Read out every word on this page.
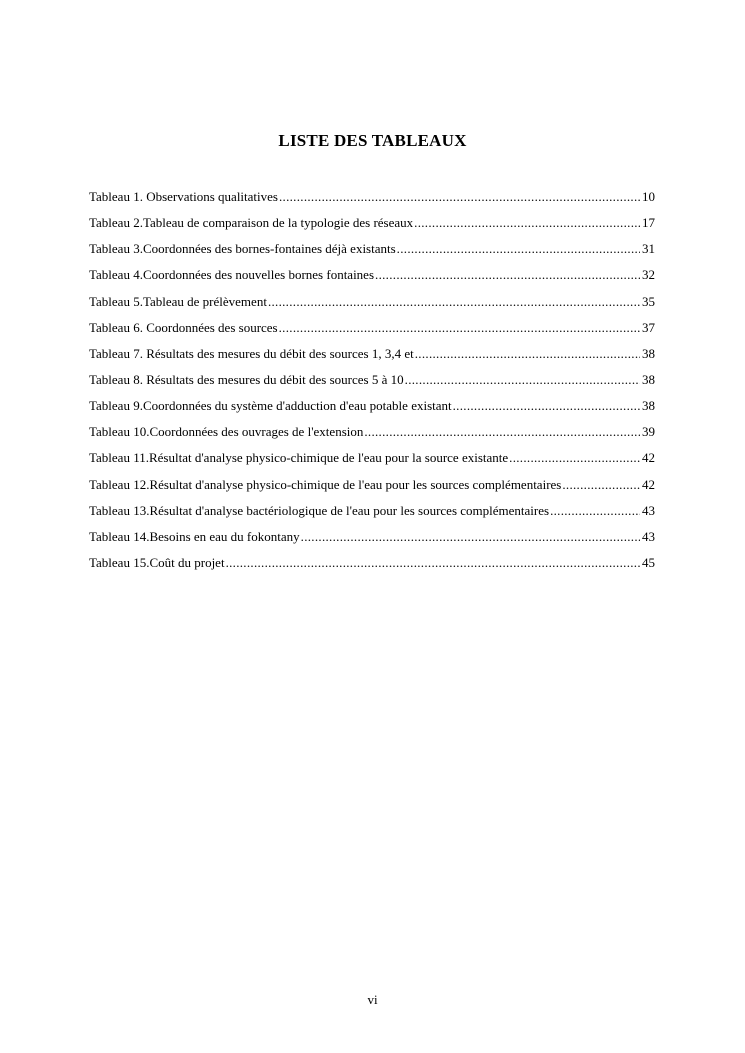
LISTE DES TABLEAUX
Tableau 1. Observations qualitatives .....	10
Tableau 2.Tableau de comparaison de la typologie des réseaux .....	17
Tableau 3.Coordonnées des bornes-fontaines déjà existants .....	31
Tableau 4.Coordonnées des nouvelles bornes fontaines .....	32
Tableau 5.Tableau de prélèvement .....	35
Tableau 6. Coordonnées des sources .....	37
Tableau 7. Résultats des mesures du débit des sources 1, 3,4 et .....	38
Tableau 8. Résultats des mesures du débit des sources 5 à 10 .....	38
Tableau 9.Coordonnées du système d'adduction d'eau potable existant .....	38
Tableau 10.Coordonnées des ouvrages de l'extension .....	39
Tableau 11.Résultat d'analyse physico-chimique de l'eau pour la source existante .....	42
Tableau 12.Résultat d'analyse physico-chimique de l'eau pour les sources complémentaires .....	42
Tableau 13.Résultat d'analyse bactériologique de l'eau pour les sources complémentaires .....	43
Tableau 14.Besoins en eau du fokontany .....	43
Tableau 15.Coût du projet .....	45
vi
